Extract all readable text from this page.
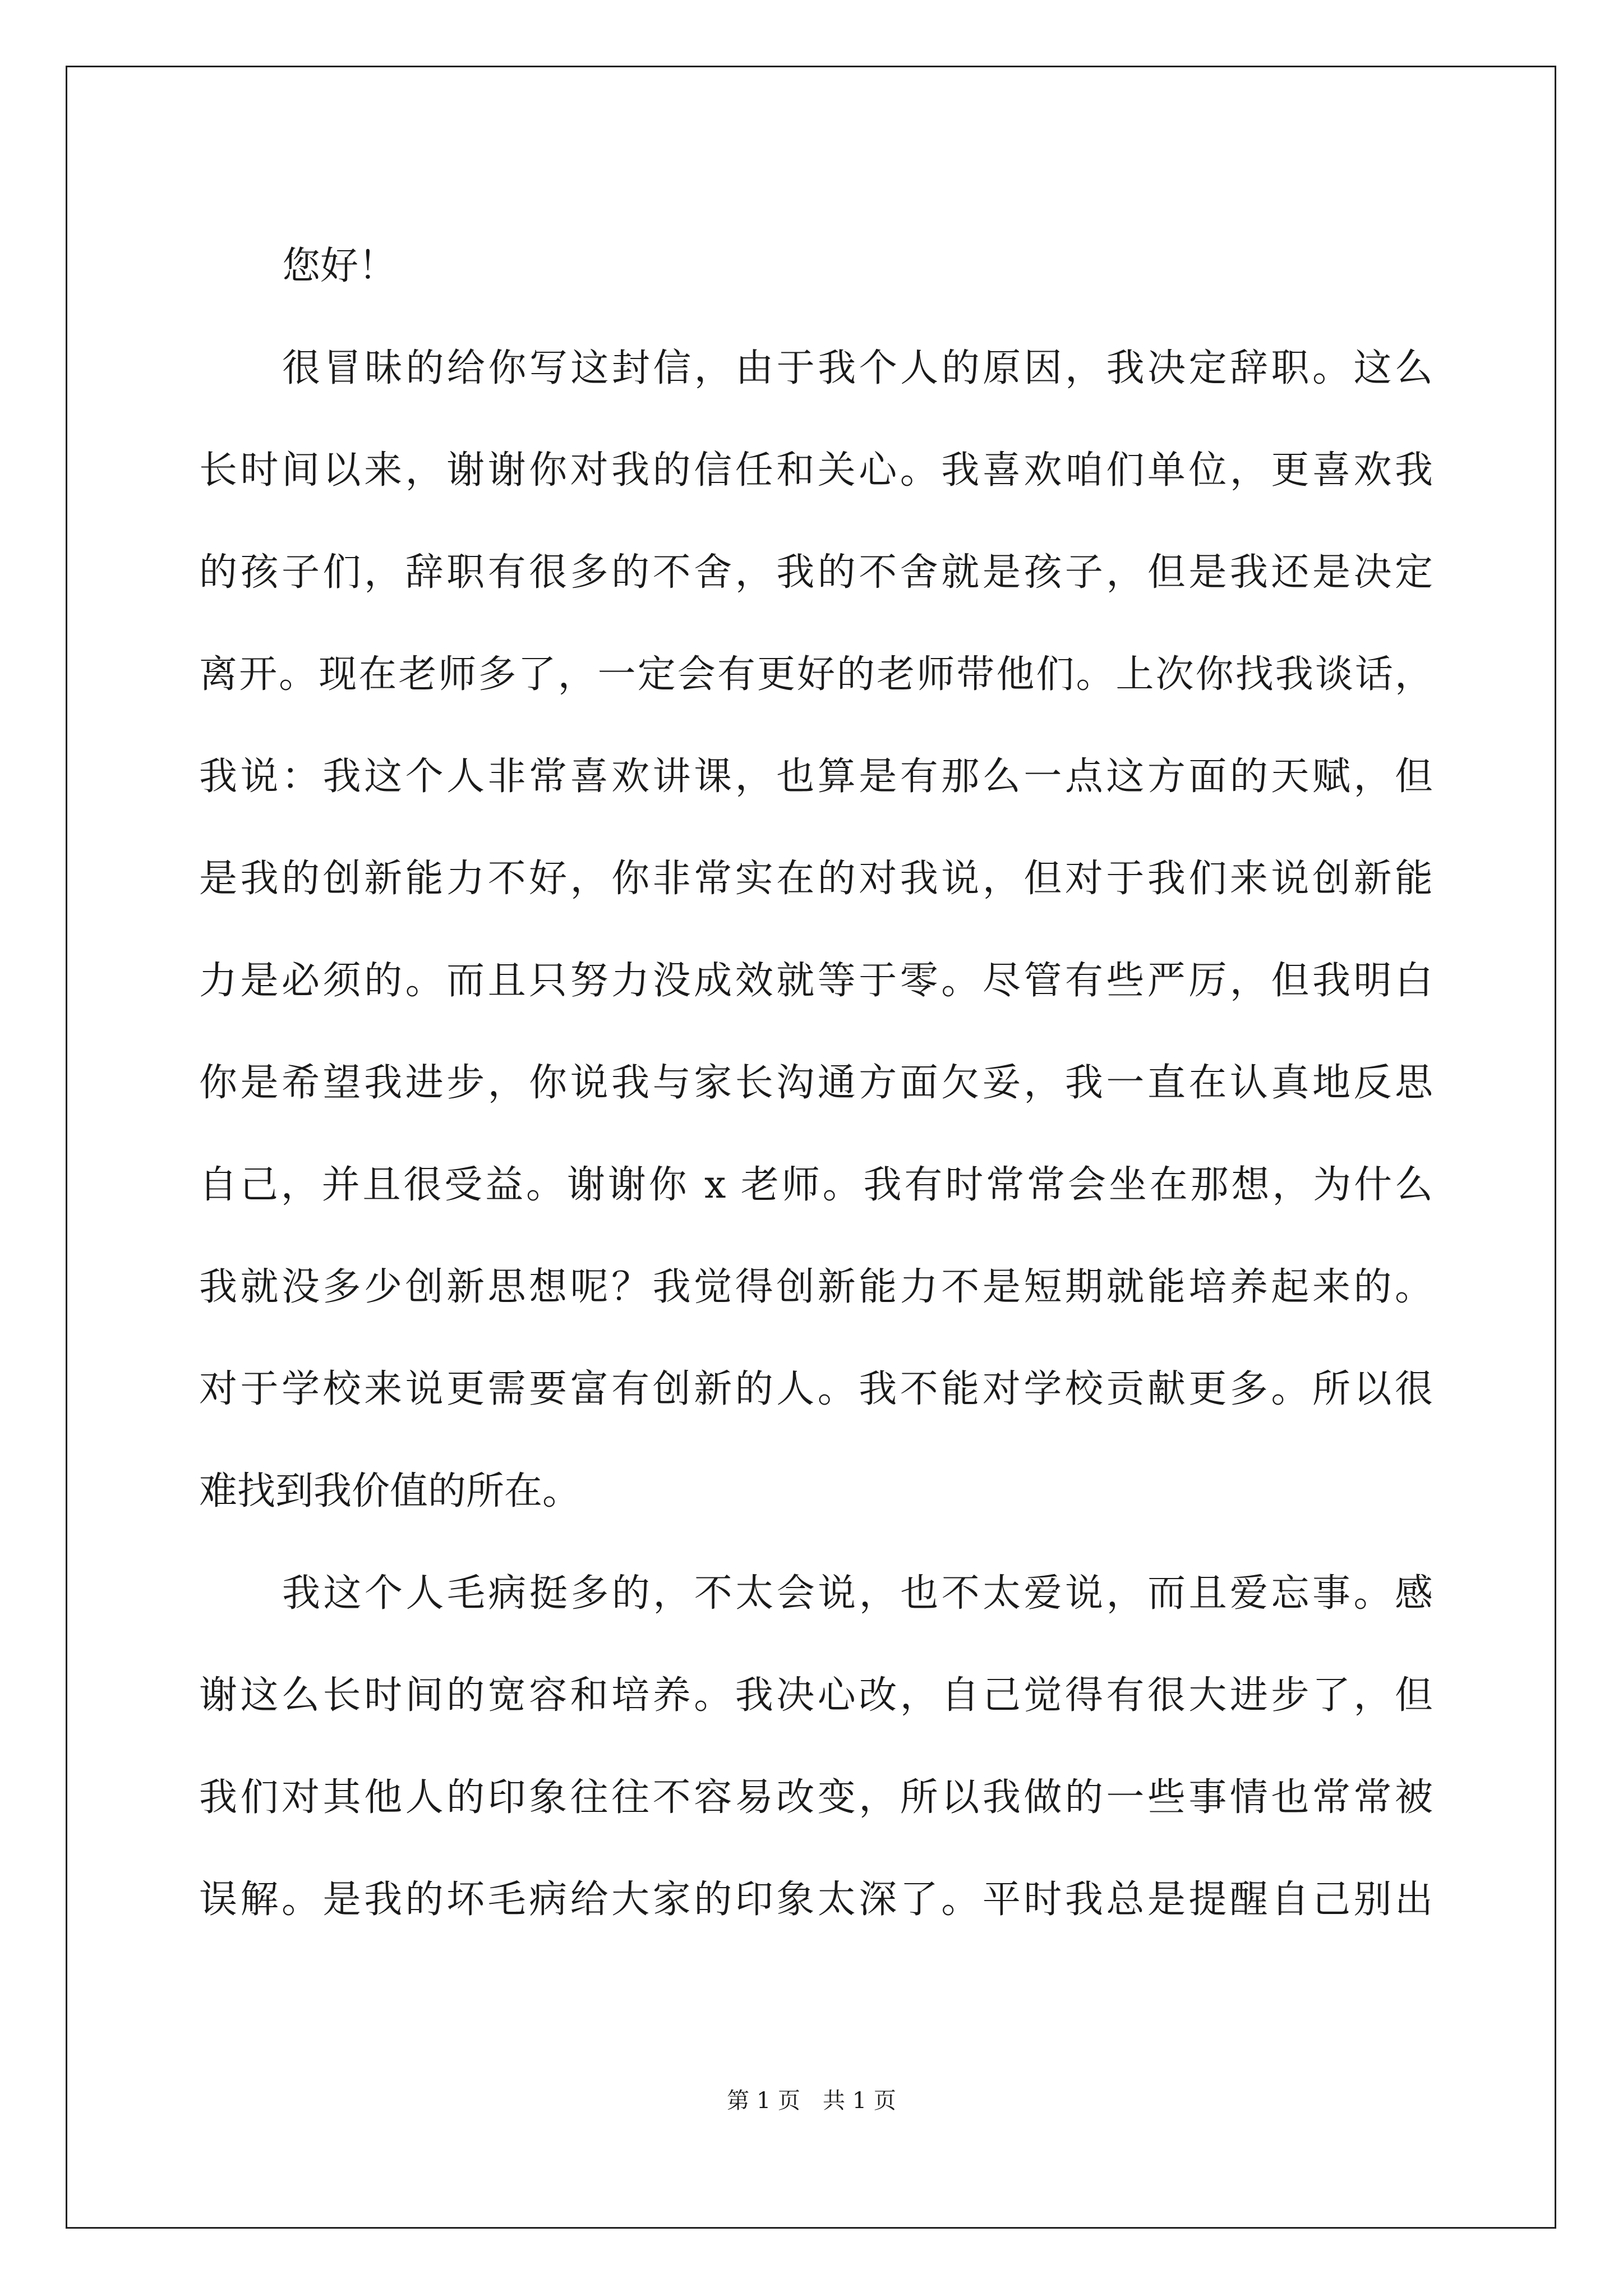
您好！
很冒昧的给你写这封信，由于我个人的原因，我决定辞职。这么
长时间以来，谢谢你对我的信任和关心。我喜欢咱们单位，更喜欢我
的孩子们，辞职有很多的不舍，我的不舍就是孩子，但是我还是决定
离开。现在老师多了，一定会有更好的老师带他们。上次你找我谈话，
我说：我这个人非常喜欢讲课，也算是有那么一点这方面的天赋，但
是我的创新能力不好，你非常实在的对我说，但对于我们来说创新能
力是必须的。而且只努力没成效就等于零。尽管有些严厉，但我明白
你是希望我进步，你说我与家长沟通方面欠妥，我一直在认真地反思
自己，并且很受益。谢谢你 x 老师。我有时常常会坐在那想，为什么
我就没多少创新思想呢？我觉得创新能力不是短期就能培养起来的。
对于学校来说更需要富有创新的人。我不能对学校贡献更多。所以很
难找到我价值的所在。
我这个人毛病挺多的，不太会说，也不太爱说，而且爱忘事。感
谢这么长时间的宽容和培养。我决心改，自己觉得有很大进步了，但
我们对其他人的印象往往不容易改变，所以我做的一些事情也常常被
误解。是我的坏毛病给大家的印象太深了。平时我总是提醒自己别出
第 1 页　共 1 页
